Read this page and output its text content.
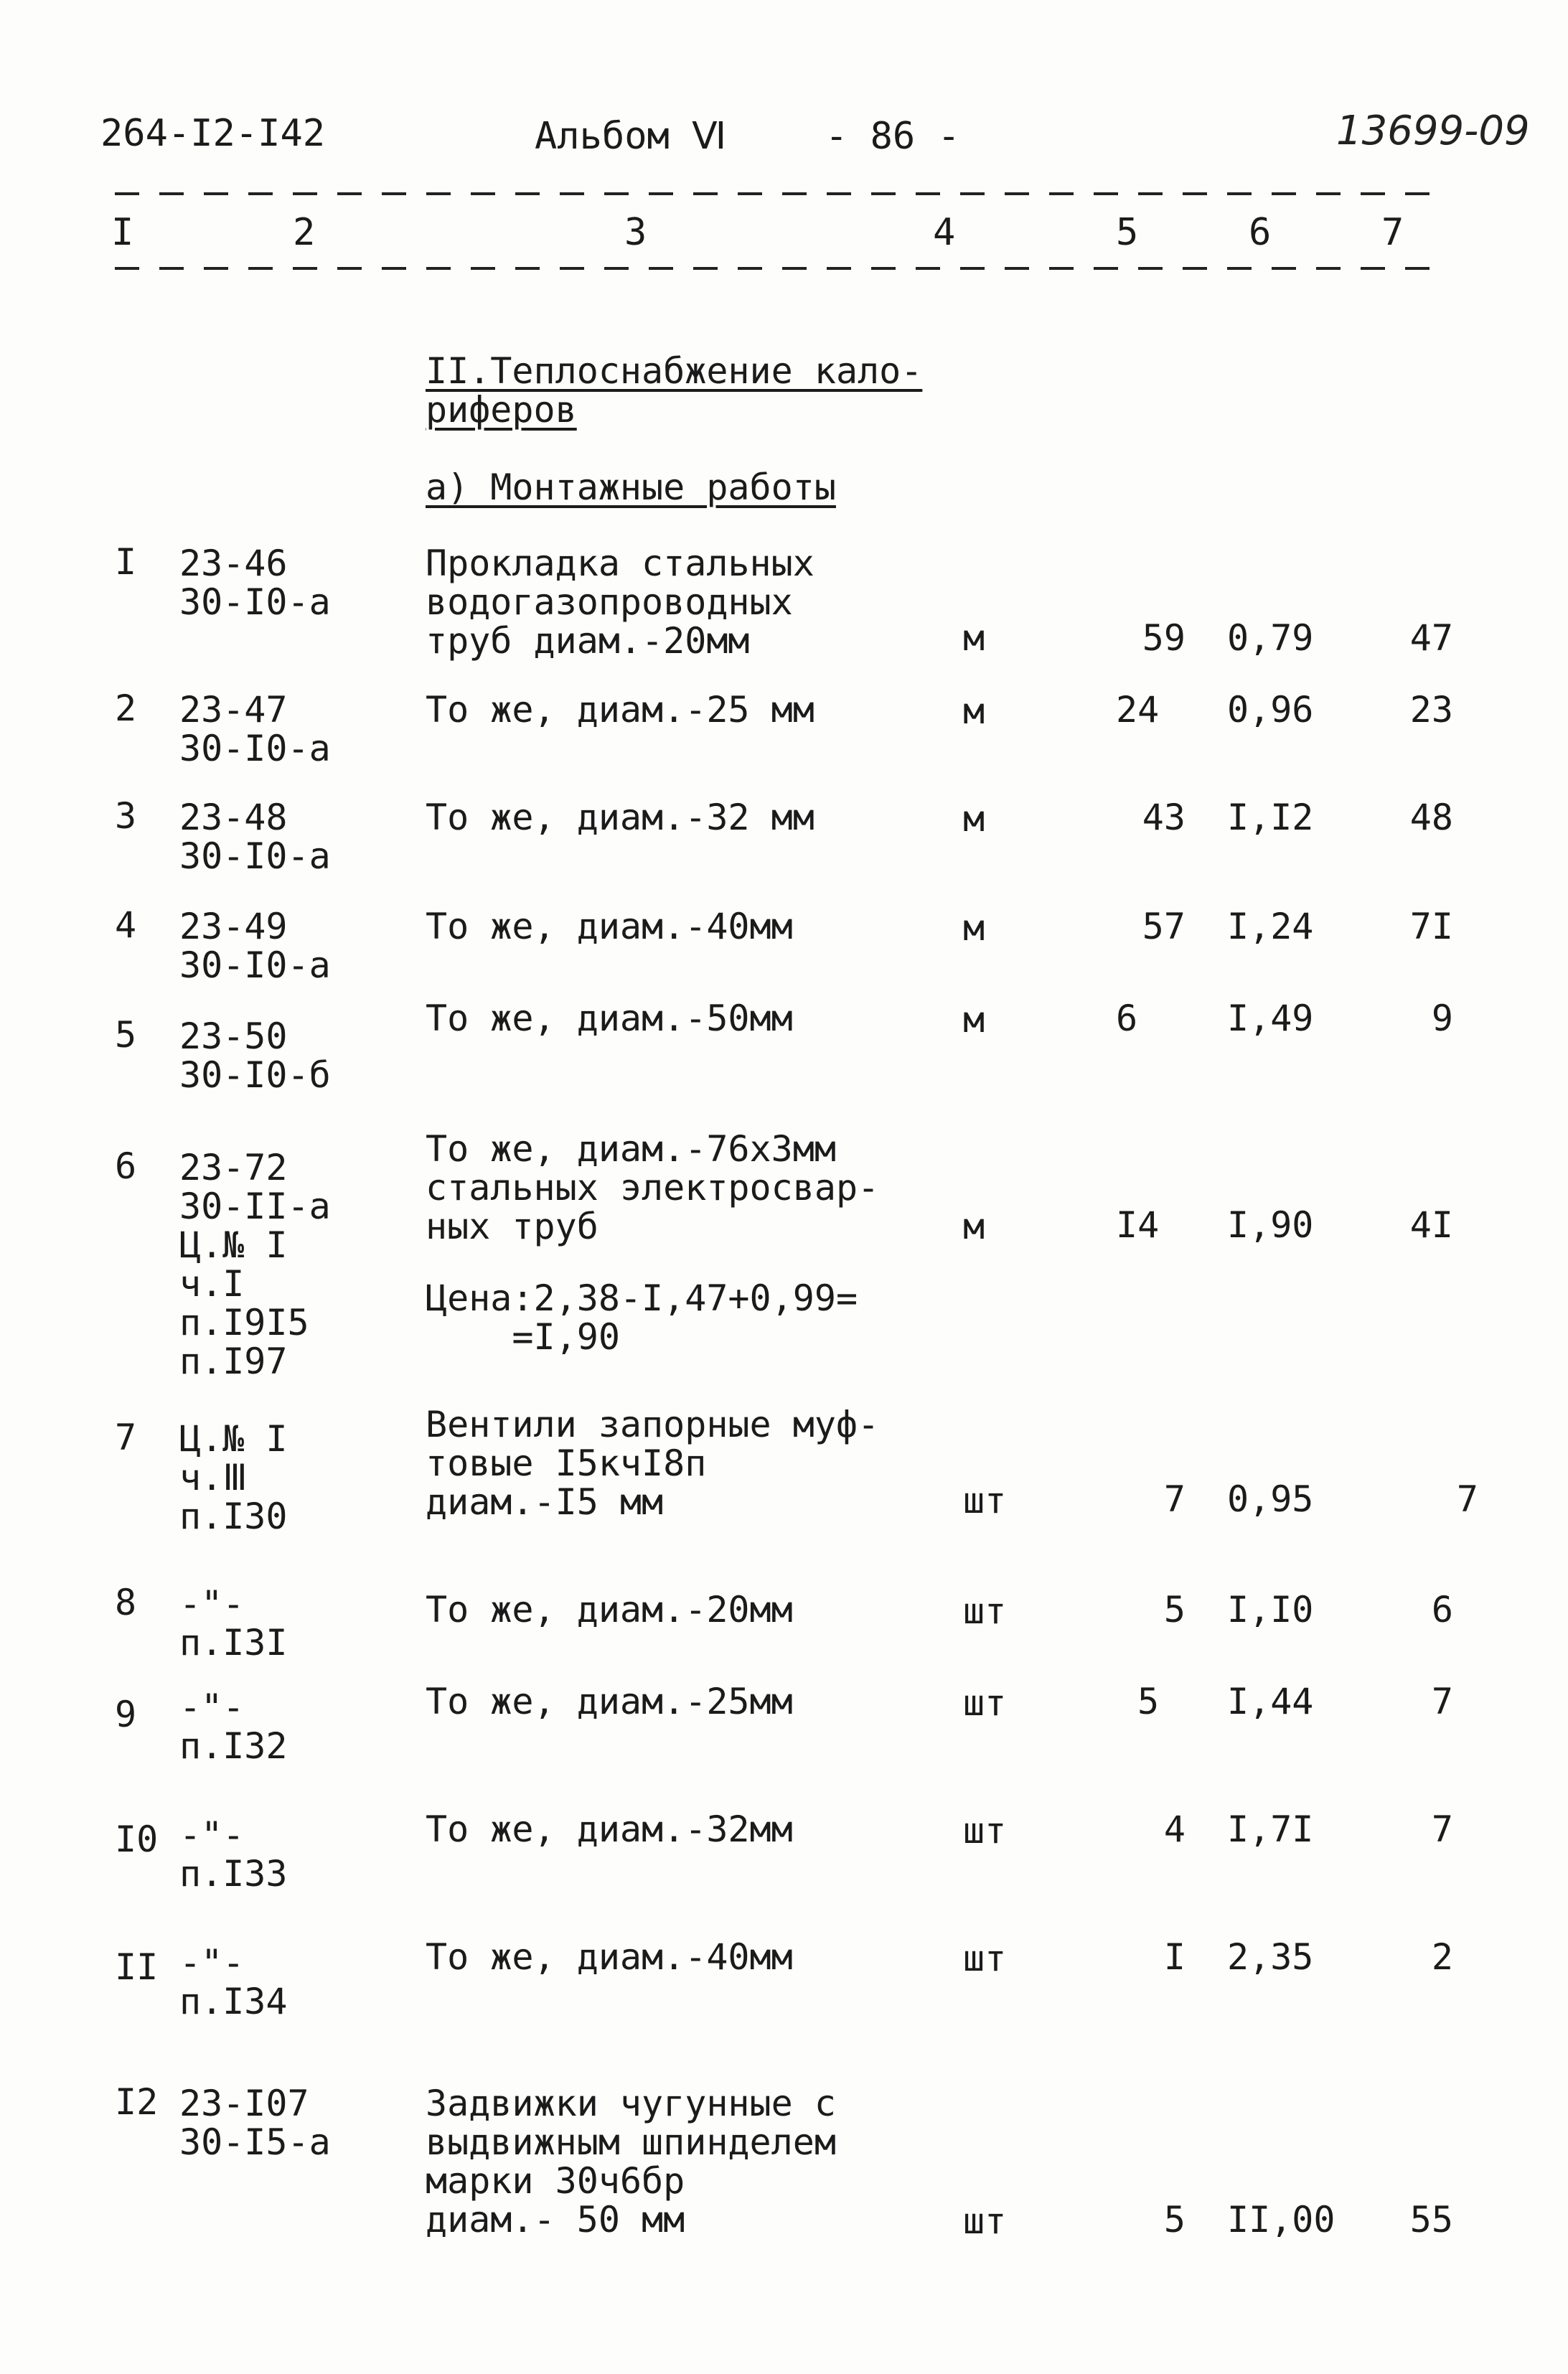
264-I2-I42	Альбом Ⅵ	- 86 -	13699-09
I	2	3	4	5	6	7
II.Теплоснабжение кало-
риферов
а) Монтажные работы
I 23-46
30-I0-а
Прокладка стальных
водогазопроводных
труб диам.-20мм	м	59 0,79	47
2 23-47
30-I0-а
То же, диам.-25 мм	м	24 0,96	23
3 23-48
30-I0-а
То же, диам.-32 мм	м	43 I,I2	48
4 23-49
30-I0-а
То же, диам.-40мм	м	57 I,24	7I
5 23-50
30-I0-б
То же, диам.-50мм	м	6 I,49	9
6 23-72
30-II-а
Ц.№ I
ч.I
п.I9I5
п.I97
То же, диам.-76х3мм
стальных электросвар-
ных труб
Цена:2,38-I,47+0,99=
=I,90
м	I4 I,90	4I
7 Ц.№ I
ч.Ⅲ
п.I30
Вентили запорные муф-
товые I5кчI8п
диам.-I5 мм	шт	7 0,95	7
8 -"-
п.I3I
То же, диам.-20мм	шт	5 I,I0	6
9 -"-
п.I32
То же, диам.-25мм	шт	5 I,44	7
I0 -"-
п.I33
То же, диам.-32мм	шт	4 I,7I	7
II -"-
п.I34
То же, диам.-40мм	шт	I 2,35	2
I2 23-I07
30-I5-а
Задвижки чугунные с
выдвижным шпинделем
марки 30ч6бр
диам.- 50 мм	шт	5 II,00	55
